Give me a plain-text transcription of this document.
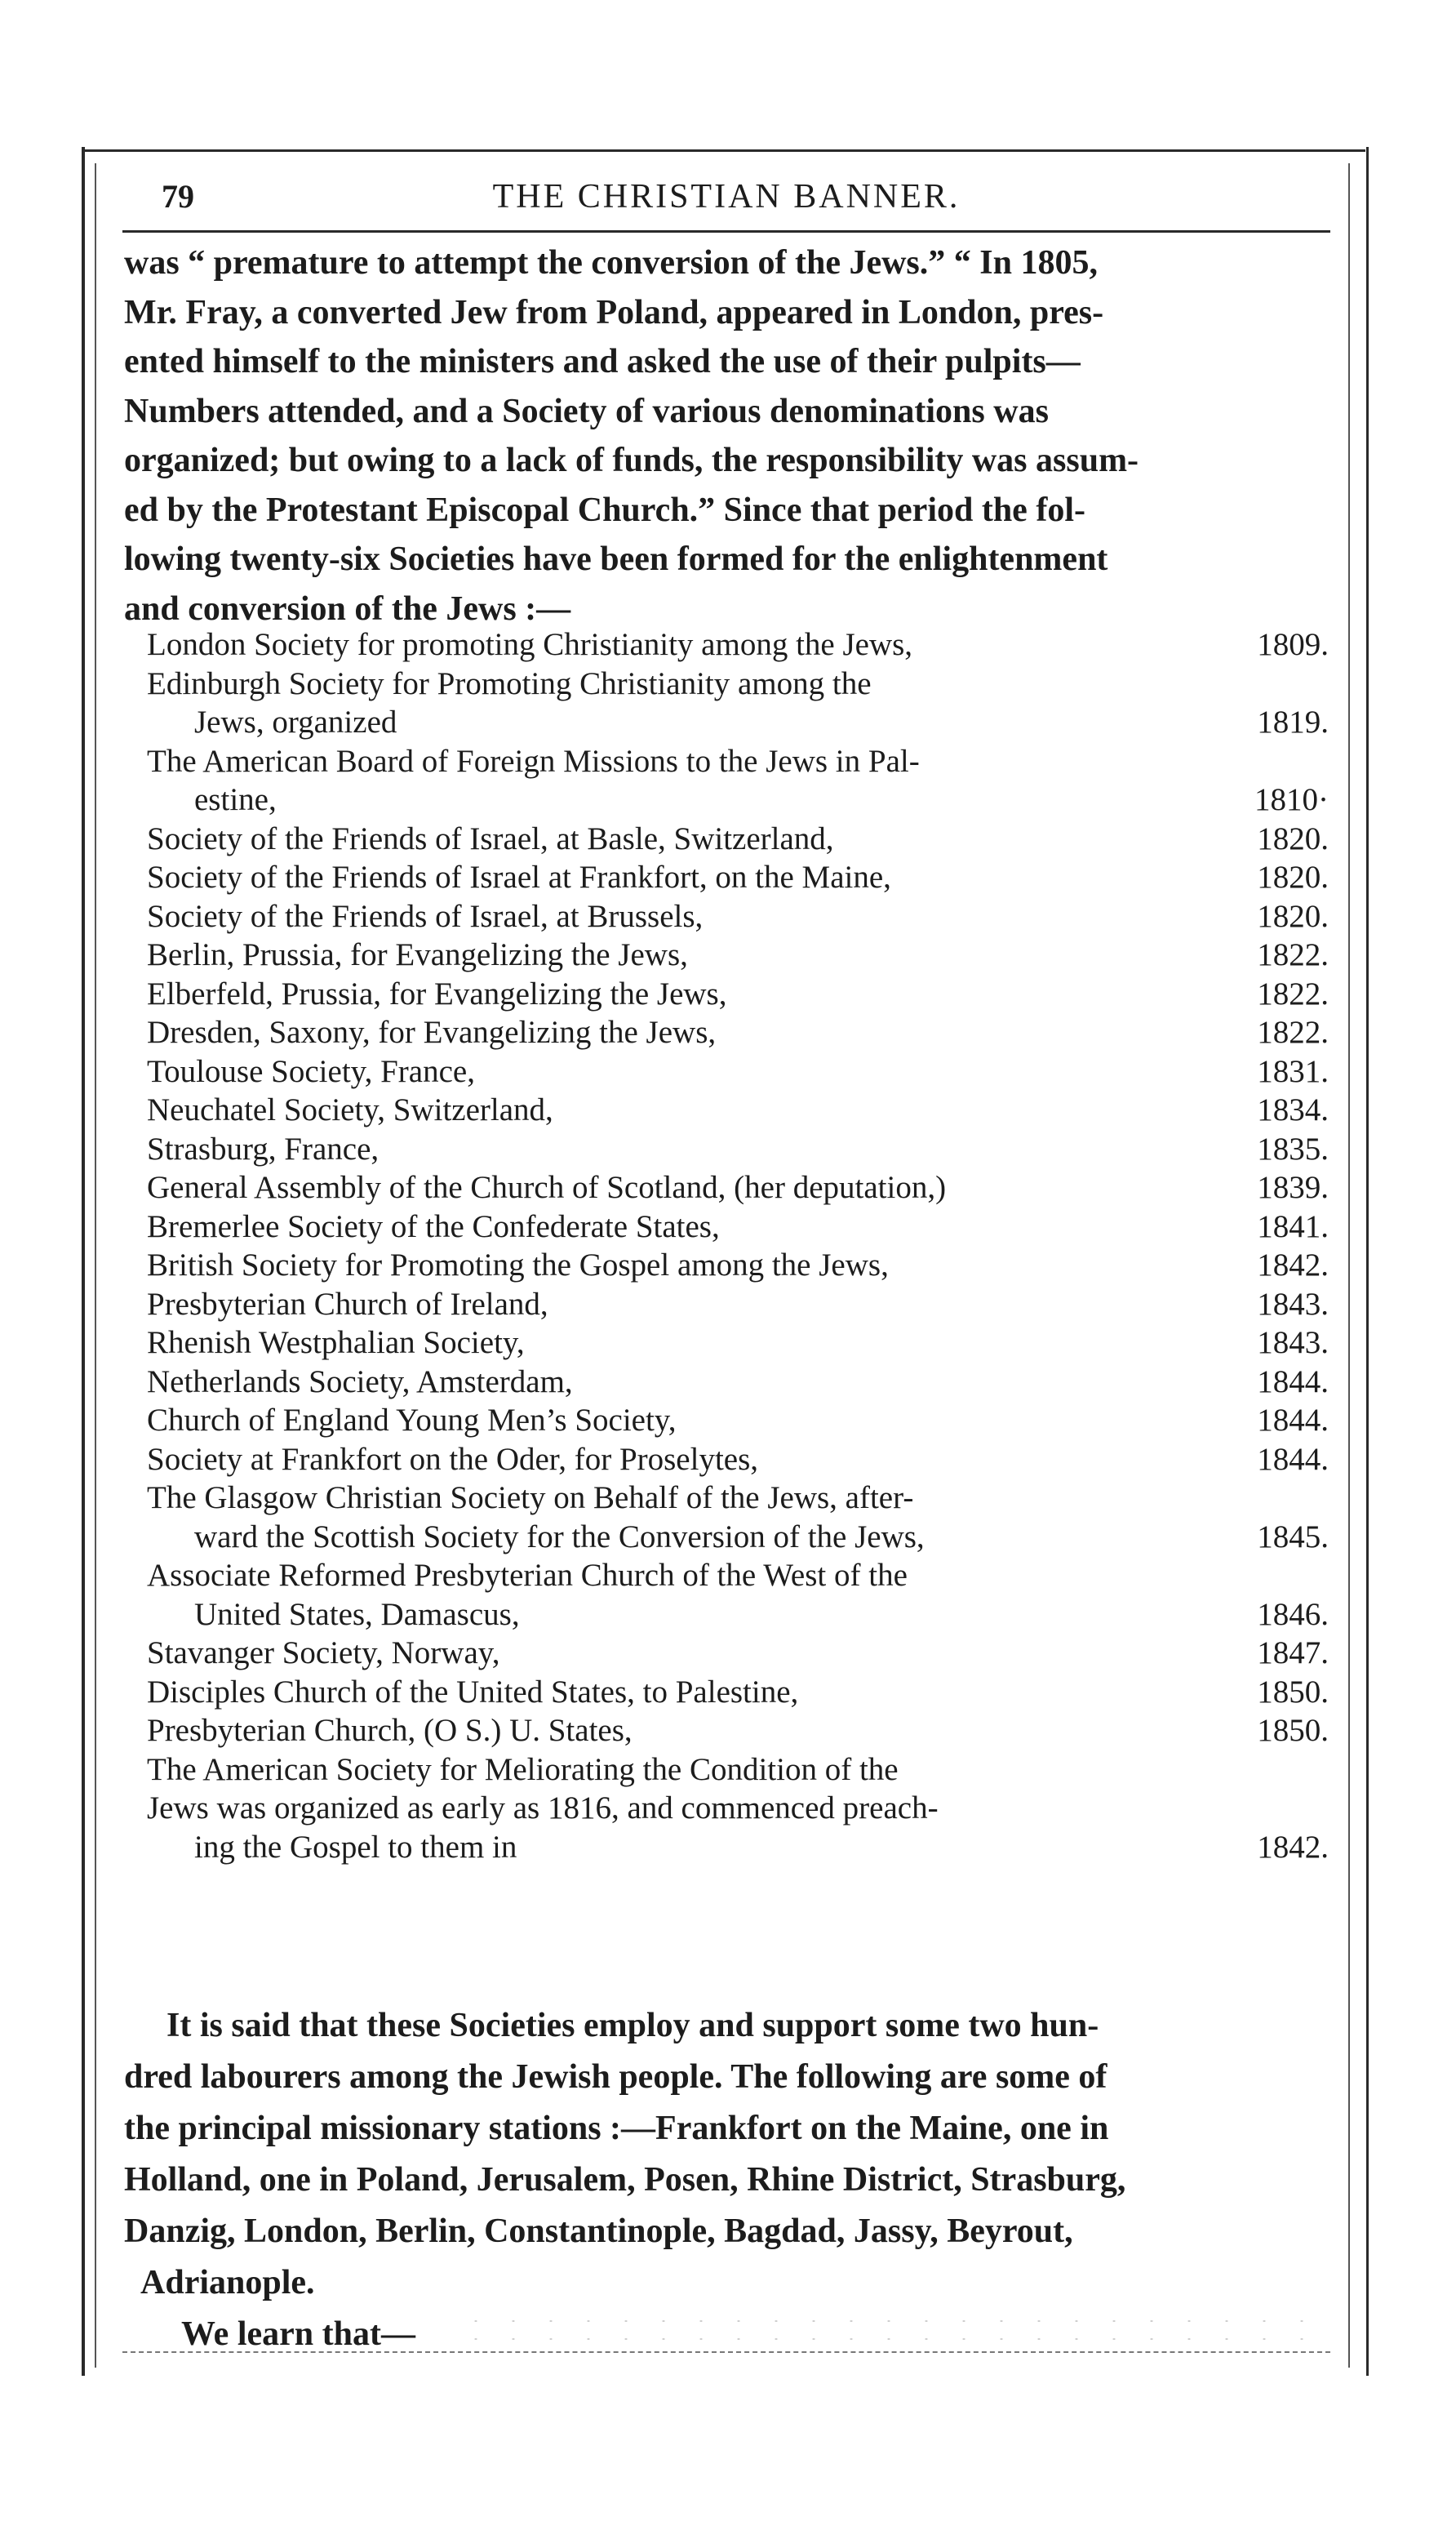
79	THE CHRISTIAN BANNER.

was “ premature to attempt the conversion of the Jews.” “ In 1805,
Mr. Fray, a converted Jew from Poland, appeared in London, pres-
ented himself to the ministers and asked the use of their pulpits—
Numbers attended, and a Society of various denominations was
organized; but owing to a lack of funds, the responsibility was assum-
ed by the Protestant Episcopal Church.” Since that period the fol-
lowing twenty-six Societies have been formed for the enlightenment
and conversion of the Jews :—

London Society for promoting Christianity among the Jews,	1809.
Edinburgh Society for Promoting Christianity among the
Jews, organized	1819.
The American Board of Foreign Missions to the Jews in Pal-
estine,	1810·
Society of the Friends of Israel, at Basle, Switzerland,	1820.
Society of the Friends of Israel at Frankfort, on the Maine,	1820.
Society of the Friends of Israel, at Brussels,	1820.
Berlin, Prussia, for Evangelizing the Jews,	1822.
Elberfeld, Prussia, for Evangelizing the Jews,	1822.
Dresden, Saxony, for Evangelizing the Jews,	1822.
Toulouse Society, France,	1831.
Neuchatel Society, Switzerland,	1834.
Strasburg, France,	1835.
General Assembly of the Church of Scotland, (her deputation,)	1839.
Bremerlee Society of the Confederate States,	1841.
British Society for Promoting the Gospel among the Jews,	1842.
Presbyterian Church of Ireland,	1843.
Rhenish Westphalian Society,	1843.
Netherlands Society, Amsterdam,	1844.
Church of England Young Men’s Society,	1844.
Society at Frankfort on the Oder, for Proselytes,	1844.
The Glasgow Christian Society on Behalf of the Jews, after-
ward the Scottish Society for the Conversion of the Jews,	1845.
Associate Reformed Presbyterian Church of the West of the
United States, Damascus,	1846.
Stavanger Society, Norway,	1847.
Disciples Church of the United States, to Palestine,	1850.
Presbyterian Church, (O S.) U. States,	1850.
The American Society for Meliorating the Condition of the
Jews was organized as early as 1816, and commenced preach-
ing the Gospel to them in	1842.

It is said that these Societies employ and support some two hun-
dred labourers among the Jewish people. The following are some of
the principal missionary stations :—Frankfort on the Maine, one in
Holland, one in Poland, Jerusalem, Posen, Rhine District, Strasburg,
Danzig, London, Berlin, Constantinople, Bagdad, Jassy, Beyrout,
Adrianople.
We learn that—
